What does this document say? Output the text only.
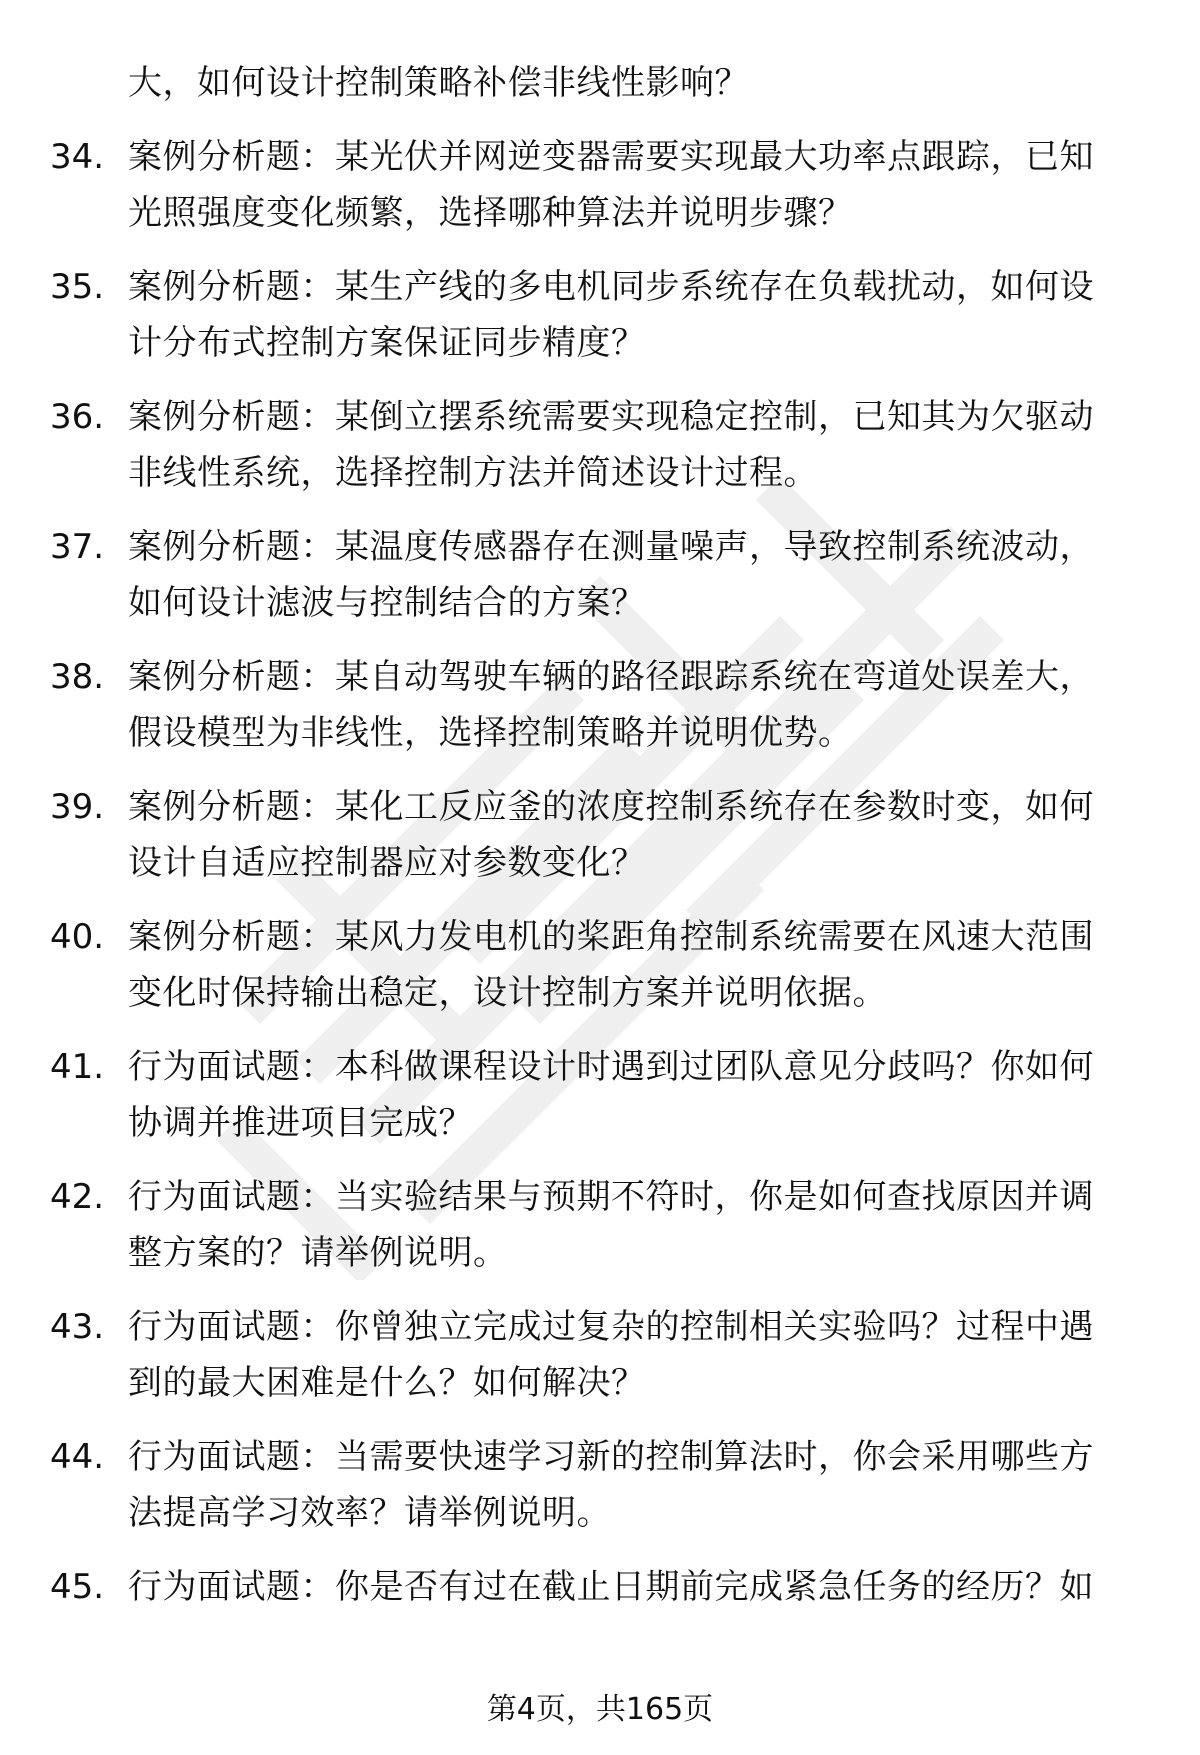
大，如何设计控制策略补偿非线性影响？
34. 案例分析题：某光伏并网逆变器需要实现最大功率点跟踪，已知
光照强度变化频繁，选择哪种算法并说明步骤？
35. 案例分析题：某生产线的多电机同步系统存在负载扰动，如何设
计分布式控制方案保证同步精度？
36. 案例分析题：某倒立摆系统需要实现稳定控制，已知其为欠驱动
非线性系统，选择控制方法并简述设计过程。
37. 案例分析题：某温度传感器存在测量噪声，导致控制系统波动，
如何设计滤波与控制结合的方案？
38. 案例分析题：某自动驾驶车辆的路径跟踪系统在弯道处误差大，
假设模型为非线性，选择控制策略并说明优势。
39. 案例分析题：某化工反应釜的浓度控制系统存在参数时变，如何
设计自适应控制器应对参数变化？
40. 案例分析题：某风力发电机的桨距角控制系统需要在风速大范围
变化时保持输出稳定，设计控制方案并说明依据。
41. 行为面试题：本科做课程设计时遇到过团队意见分歧吗？你如何
协调并推进项目完成？
42. 行为面试题：当实验结果与预期不符时，你是如何查找原因并调
整方案的？请举例说明。
43. 行为面试题：你曾独立完成过复杂的控制相关实验吗？过程中遇
到的最大困难是什么？如何解决？
44. 行为面试题：当需要快速学习新的控制算法时，你会采用哪些方
法提高学习效率？请举例说明。
45. 行为面试题：你是否有过在截止日期前完成紧急任务的经历？如
第4页，共165页
